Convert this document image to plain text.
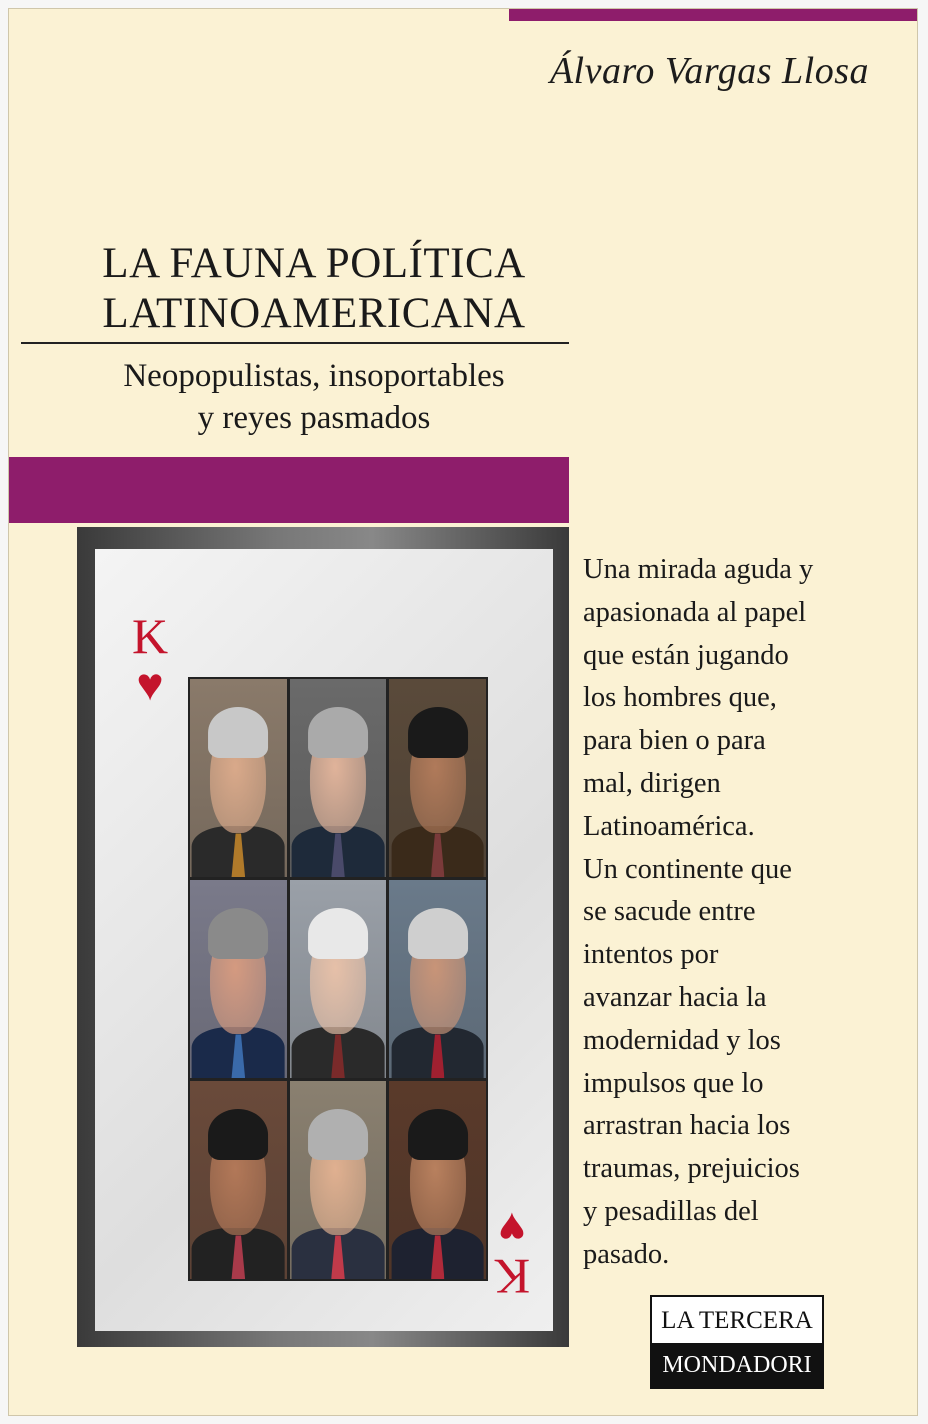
Álvaro Vargas Llosa
LA FAUNA POLÍTICA
LATINOAMERICANA
Neopopulistas, insoportables
y reyes pasmados
K
♥
K
♥

Una mirada aguda y

apasionada al papel

que están jugando

los hombres que,

para bien o para

mal, dirigen

Latinoamérica.

Un continente que

se sacude entre

intentos por

avanzar hacia la

modernidad y los

impulsos que lo

arrastran hacia los

traumas, prejuicios

y pesadillas del

pasado.

LA TERCERA
MONDADORI
